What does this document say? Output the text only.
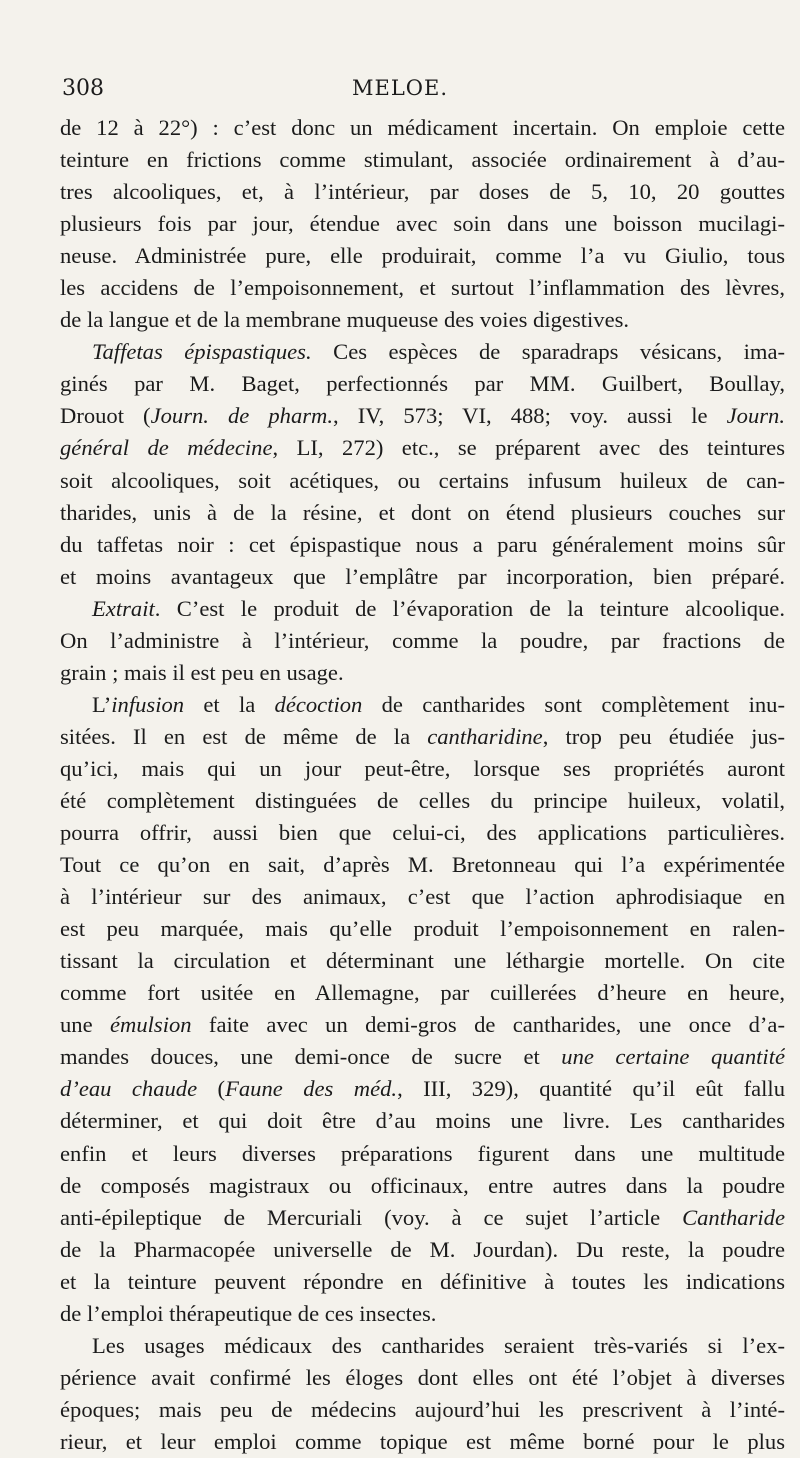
308	MELOE.
de 12 à 22°) : c’est donc un médicament incertain. On emploie cette
teinture en frictions comme stimulant, associée ordinairement à d’au-
tres alcooliques, et, à l’intérieur, par doses de 5, 10, 20 gouttes
plusieurs fois par jour, étendue avec soin dans une boisson mucilagi-
neuse. Administrée pure, elle produirait, comme l’a vu Giulio, tous
les accidens de l’empoisonnement, et surtout l’inflammation des lèvres,
de la langue et de la membrane muqueuse des voies digestives.
Taffetas épispastiques. Ces espèces de sparadraps vésicans, ima-
ginés par M. Baget, perfectionnés par MM. Guilbert, Boullay,
Drouot (Journ. de pharm., IV, 573; VI, 488; voy. aussi le Journ.
général de médecine, LI, 272) etc., se préparent avec des teintures
soit alcooliques, soit acétiques, ou certains infusum huileux de can-
tharides, unis à de la résine, et dont on étend plusieurs couches sur
du taffetas noir : cet épispastique nous a paru généralement moins sûr
et moins avantageux que l’emplâtre par incorporation, bien préparé.
Extrait. C’est le produit de l’évaporation de la teinture alcoolique.
On l’administre à l’intérieur, comme la poudre, par fractions de
grain ; mais il est peu en usage.
L’infusion et la décoction de cantharides sont complètement inu-
sitées. Il en est de même de la cantharidine, trop peu étudiée jus-
qu’ici, mais qui un jour peut-être, lorsque ses propriétés auront
été complètement distinguées de celles du principe huileux, volatil,
pourra offrir, aussi bien que celui-ci, des applications particulières.
Tout ce qu’on en sait, d’après M. Bretonneau qui l’a expérimentée
à l’intérieur sur des animaux, c’est que l’action aphrodisiaque en
est peu marquée, mais qu’elle produit l’empoisonnement en ralen-
tissant la circulation et déterminant une léthargie mortelle. On cite
comme fort usitée en Allemagne, par cuillerées d’heure en heure,
une émulsion faite avec un demi-gros de cantharides, une once d’a-
mandes douces, une demi-once de sucre et une certaine quantité
d’eau chaude (Faune des méd., III, 329), quantité qu’il eût fallu
déterminer, et qui doit être d’au moins une livre. Les cantharides
enfin et leurs diverses préparations figurent dans une multitude
de composés magistraux ou officinaux, entre autres dans la poudre
anti-épileptique de Mercuriali (voy. à ce sujet l’article Cantharide
de la Pharmacopée universelle de M. Jourdan). Du reste, la poudre
et la teinture peuvent répondre en définitive à toutes les indications
de l’emploi thérapeutique de ces insectes.
Les usages médicaux des cantharides seraient très-variés si l’ex-
périence avait confirmé les éloges dont elles ont été l’objet à diverses
époques; mais peu de médecins aujourd’hui les prescrivent à l’inté-
rieur, et leur emploi comme topique est même borné pour le plus
